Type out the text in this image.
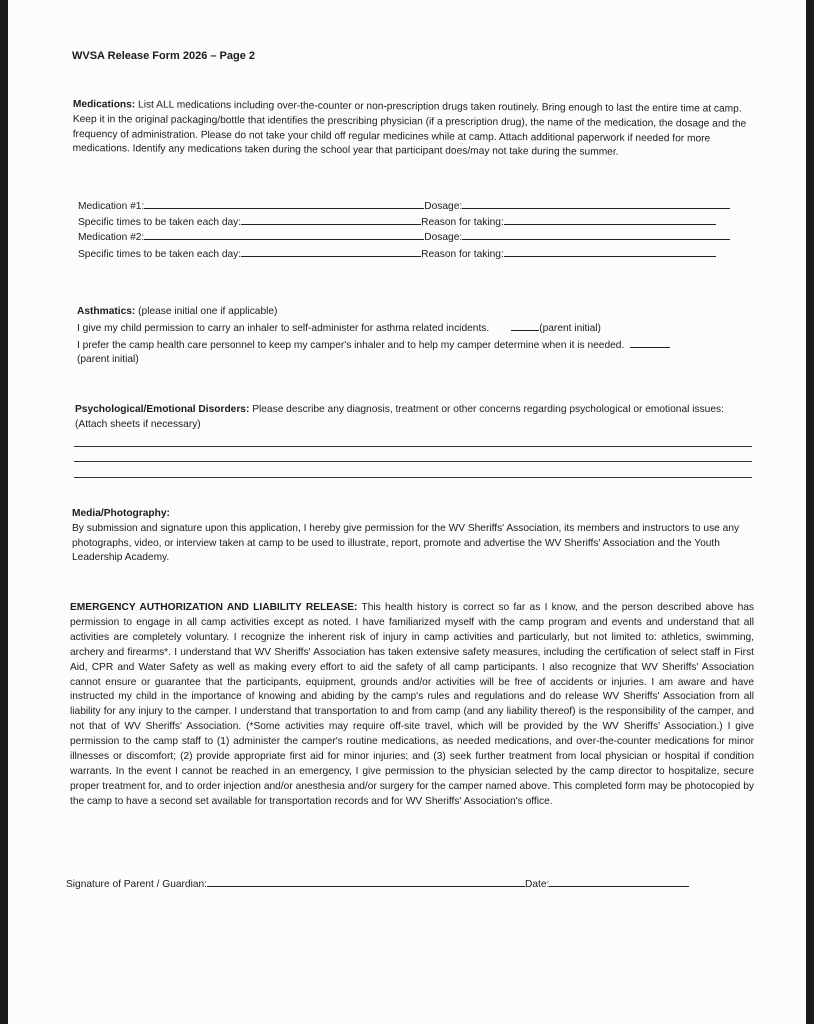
WVSA Release Form 2026 – Page 2
Medications: List ALL medications including over-the-counter or non-prescription drugs taken routinely. Bring enough to last the entire time at camp. Keep it in the original packaging/bottle that identifies the prescribing physician (if a prescription drug), the name of the medication, the dosage and the frequency of administration. Please do not take your child off regular medicines while at camp. Attach additional paperwork if needed for more medications. Identify any medications taken during the school year that participant does/may not take during the summer.
Medication #1:	Dosage:
Specific times to be taken each day:	Reason for taking:
Medication #2:	Dosage:
Specific times to be taken each day:	Reason for taking:
Asthmatics: (please initial one if applicable)
I give my child permission to carry an inhaler to self-administer for asthma related incidents.	(parent initial)
I prefer the camp health care personnel to keep my camper's inhaler and to help my camper determine when it is needed.
(parent initial)
Psychological/Emotional Disorders: Please describe any diagnosis, treatment or other concerns regarding psychological or emotional issues: (Attach sheets if necessary)
Media/Photography:
By submission and signature upon this application, I hereby give permission for the WV Sheriffs' Association, its members and instructors to use any photographs, video, or interview taken at camp to be used to illustrate, report, promote and advertise the WV Sheriffs' Association and the Youth Leadership Academy.
EMERGENCY AUTHORIZATION AND LIABILITY RELEASE: This health history is correct so far as I know, and the person described above has permission to engage in all camp activities except as noted. I have familiarized myself with the camp program and events and understand that all activities are completely voluntary. I recognize the inherent risk of injury in camp activities and particularly, but not limited to: athletics, swimming, archery and firearms*. I understand that WV Sheriffs' Association has taken extensive safety measures, including the certification of select staff in First Aid, CPR and Water Safety as well as making every effort to aid the safety of all camp participants. I also recognize that WV Sheriffs' Association cannot ensure or guarantee that the participants, equipment, grounds and/or activities will be free of accidents or injuries. I am aware and have instructed my child in the importance of knowing and abiding by the camp's rules and regulations and do release WV Sheriffs' Association from all liability for any injury to the camper. I understand that transportation to and from camp (and any liability thereof) is the responsibility of the camper, and not that of WV Sheriffs' Association. (*Some activities may require off-site travel, which will be provided by the WV Sheriffs' Association.) I give permission to the camp staff to (1) administer the camper's routine medications, as needed medications, and over-the-counter medications for minor illnesses or discomfort; (2) provide appropriate first aid for minor injuries; and (3) seek further treatment from local physician or hospital if condition warrants. In the event I cannot be reached in an emergency, I give permission to the physician selected by the camp director to hospitalize, secure proper treatment for, and to order injection and/or anesthesia and/or surgery for the camper named above. This completed form may be photocopied by the camp to have a second set available for transportation records and for WV Sheriffs' Association's office.
Signature of Parent / Guardian:	Date:
